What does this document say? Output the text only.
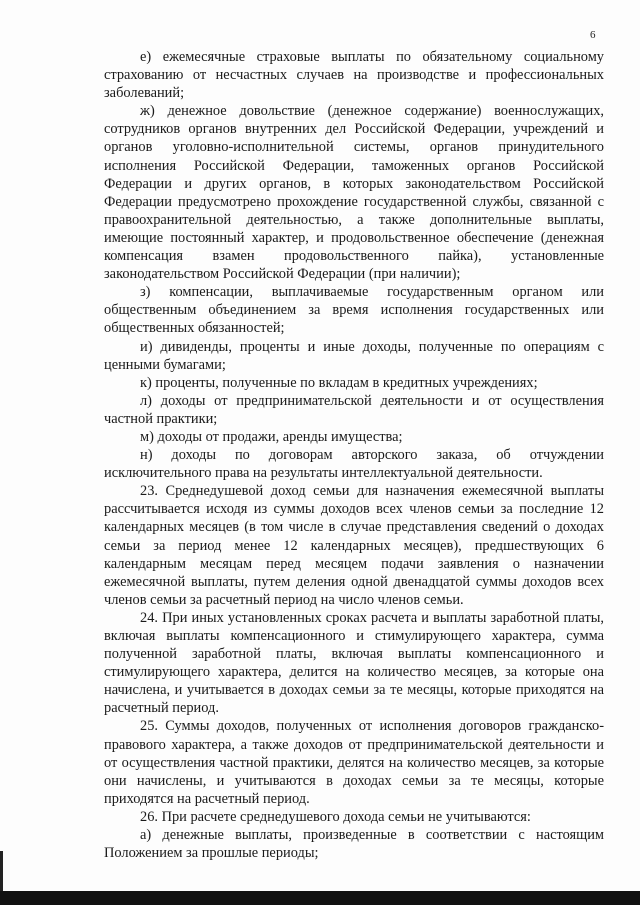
6

е) ежемесячные страховые выплаты по обязательному социальному страхованию от несчастных случаев на производстве и профессиональных заболеваний;

ж) денежное довольствие (денежное содержание) военнослужащих, сотрудников органов внутренних дел Российской Федерации, учреждений и органов уголовно-исполнительной системы, органов принудительного исполнения Российской Федерации, таможенных органов Российской Федерации и других органов, в которых законодательством Российской Федерации предусмотрено прохождение государственной службы, связанной с правоохранительной деятельностью, а также дополнительные выплаты, имеющие постоянный характер, и продовольственное обеспечение (денежная компенсация взамен продовольственного пайка), установленные законодательством Российской Федерации (при наличии);

з) компенсации, выплачиваемые государственным органом или общественным объединением за время исполнения государственных или общественных обязанностей;

и) дивиденды, проценты и иные доходы, полученные по операциям с ценными бумагами;

к) проценты, полученные по вкладам в кредитных учреждениях;

л) доходы от предпринимательской деятельности и от осуществления частной практики;

м) доходы от продажи, аренды имущества;

н) доходы по договорам авторского заказа, об отчуждении исключительного права на результаты интеллектуальной деятельности.

23. Среднедушевой доход семьи для назначения ежемесячной выплаты рассчитывается исходя из суммы доходов всех членов семьи за последние 12 календарных месяцев (в том числе в случае представления сведений о доходах семьи за период менее 12 календарных месяцев), предшествующих 6 календарным месяцам перед месяцем подачи заявления о назначении ежемесячной выплаты, путем деления одной двенадцатой суммы доходов всех членов семьи за расчетный период на число членов семьи.

24. При иных установленных сроках расчета и выплаты заработной платы, включая выплаты компенсационного и стимулирующего характера, сумма полученной заработной платы, включая выплаты компенсационного и стимулирующего характера, делится на количество месяцев, за которые она начислена, и учитывается в доходах семьи за те месяцы, которые приходятся на расчетный период.

25. Суммы доходов, полученных от исполнения договоров гражданско-правового характера, а также доходов от предпринимательской деятельности и от осуществления частной практики, делятся на количество месяцев, за которые они начислены, и учитываются в доходах семьи за те месяцы, которые приходятся на расчетный период.

26. При расчете среднедушевого дохода семьи не учитываются:

а) денежные выплаты, произведенные в соответствии с настоящим Положением за прошлые периоды;
